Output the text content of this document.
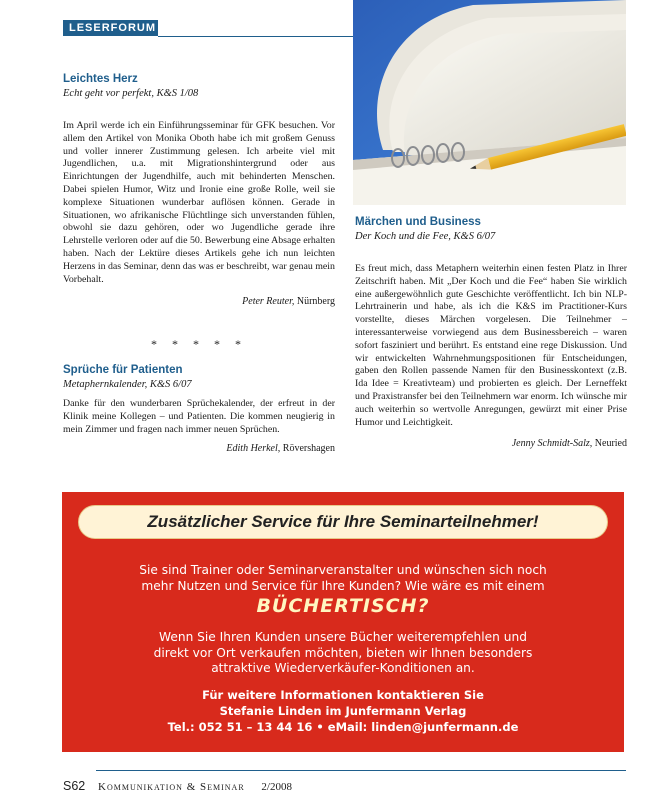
LESERFORUM

Leichtes Herz

Echt geht vor perfekt, K&S 1/08

Im April werde ich ein Einführungsseminar für GFK besuchen. Vor allem den Artikel von Monika Oboth habe ich mit großem Genuss und voller innerer Zustimmung gelesen. Ich arbeite viel mit Jugendlichen, u.a. mit Migrationshintergrund oder aus Einrichtungen der Jugendhilfe, auch mit behinderten Menschen. Dabei spielen Humor, Witz und Ironie eine große Rolle, weil sie komplexe Situationen wunderbar auflösen können. Gerade in Situationen, wo afrikanische Flüchtlinge sich unverstanden fühlen, obwohl sie dazu gehören, oder wo Jugendliche gerade ihre Lehrstelle verloren oder auf die 50. Bewerbung eine Absage erhalten haben. Nach der Lektüre dieses Artikels gehe ich nun leichten Herzens in das Seminar, denn das was er beschreibt, war genau mein Vorbehalt.

Peter Reuter, Nürnberg

* * * * *

Sprüche für Patienten

Metaphernkalender, K&S 6/07

Danke für den wunderbaren Sprüchekalender, der erfreut in der Klinik meine Kollegen – und Patienten. Die kommen neugierig in mein Zimmer und fragen nach immer neuen Sprüchen.

Edith Herkel, Rövershagen

Märchen und Business

Der Koch und die Fee, K&S 6/07

Es freut mich, dass Metaphern weiterhin einen festen Platz in Ihrer Zeitschrift haben. Mit „Der Koch und die Fee“ haben Sie wirklich eine außergewöhnlich gute Geschichte veröffentlicht. Ich bin NLP-Lehrtrainerin und habe, als ich die K&S im Practitioner-Kurs vorstellte, dieses Märchen vorgelesen. Die Teilnehmer – interessanterweise vorwiegend aus dem Businessbereich – waren sofort fasziniert und berührt. Es entstand eine rege Diskussion. Und wir entwickelten Wahrnehmungspositionen für Entscheidungen, gaben den Rollen passende Namen für den Businesskontext (z.B. Ida Idee = Kreativteam) und probierten es gleich. Der Lerneffekt und Praxistransfer bei den Teilnehmern war enorm. Ich wünsche mir auch weiterhin so wertvolle Anregungen, gewürzt mit einer Prise Humor und Leichtigkeit.

Jenny Schmidt-Salz, Neuried

Zusätzlicher Service für Ihre Seminarteilnehmer!
Sie sind Trainer oder Seminarveranstalter und wünschen sich noch
mehr Nutzen und Service für Ihre Kunden? Wie wäre es mit einem
BÜCHERTISCH?
Wenn Sie Ihren Kunden unsere Bücher weiterempfehlen und
direkt vor Ort verkaufen möchten, bieten wir Ihnen besonders
attraktive Wiederverkäufer-Konditionen an.
Für weitere Informationen kontaktieren Sie
Stefanie Linden im Junfermann Verlag
Tel.: 052 51 – 13 44 16 • eMail: linden@junfermann.de
S62 Kommunikation & Seminar 2/2008
